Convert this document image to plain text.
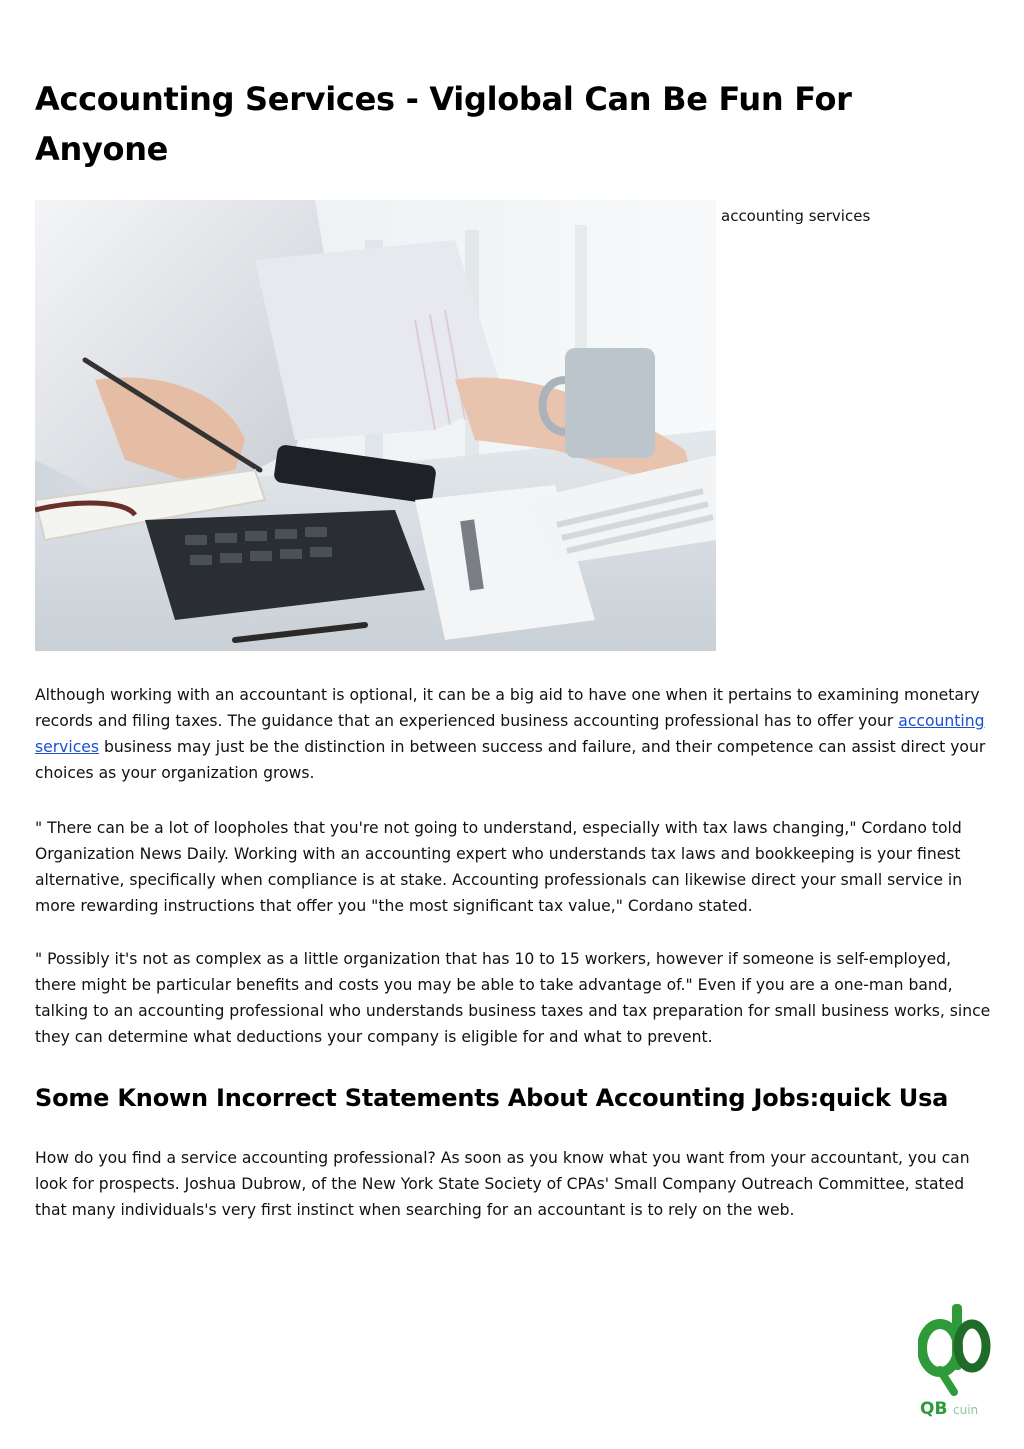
Accounting Services - Viglobal Can Be Fun For Anyone
accounting services

Although working with an accountant is optional, it can be a big aid to have one when it pertains to examining monetary records and filing taxes. The guidance that an experienced business accounting professional has to offer your accounting services business may just be the distinction in between success and failure, and their competence can assist direct your choices as your organization grows.

" There can be a lot of loopholes that you're not going to understand, especially with tax laws changing," Cordano told Organization News Daily. Working with an accounting expert who understands tax laws and bookkeeping is your finest alternative, specifically when compliance is at stake. Accounting professionals can likewise direct your small service in more rewarding instructions that offer you "the most significant tax value," Cordano stated.

" Possibly it's not as complex as a little organization that has 10 to 15 workers, however if someone is self-employed, there might be particular benefits and costs you may be able to take advantage of." Even if you are a one-man band, talking to an accounting professional who understands business taxes and tax preparation for small business works, since they can determine what deductions your company is eligible for and what to prevent.

Some Known Incorrect Statements About Accounting Jobs:quick Usa

How do you find a service accounting professional? As soon as you know what you want from your accountant, you can look for prospects. Joshua Dubrow, of the New York State Society of CPAs' Small Company Outreach Committee, stated that many individuals's very first instinct when searching for an accountant is to rely on the web.

QB cuin
